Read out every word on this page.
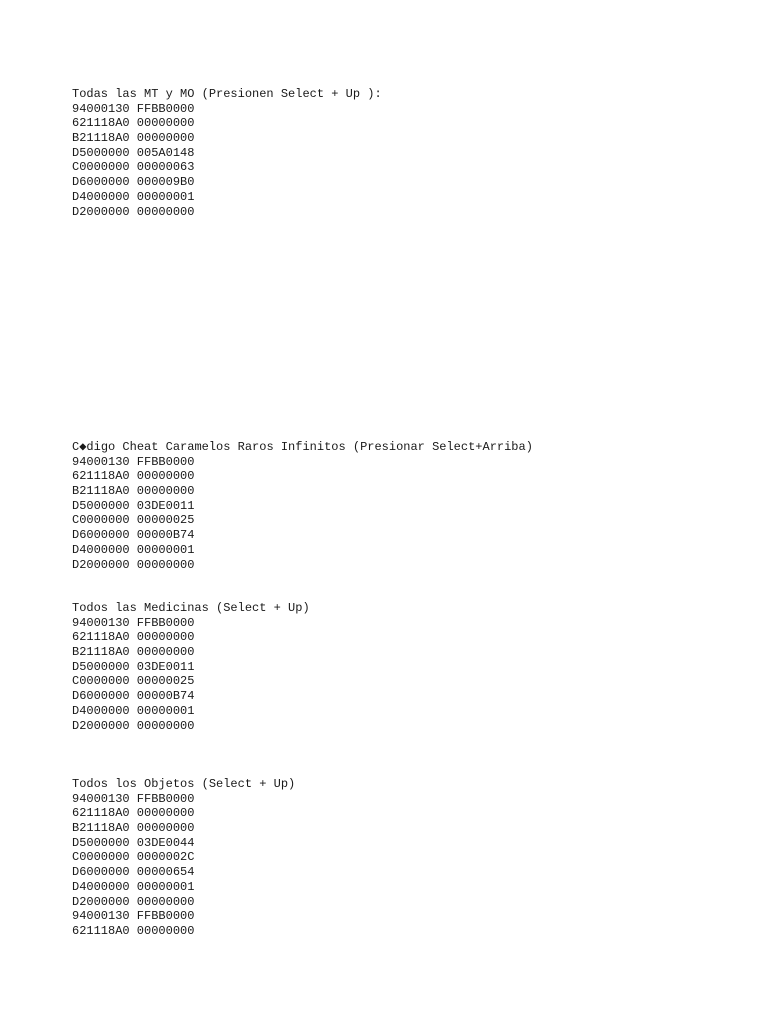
Todas las MT y MO (Presionen Select + Up ):
94000130 FFBB0000
621118A0 00000000
B21118A0 00000000
D5000000 005A0148
C0000000 00000063
D6000000 000009B0
D4000000 00000001
D2000000 00000000
C◆digo Cheat Caramelos Raros Infinitos (Presionar Select+Arriba)
94000130 FFBB0000
621118A0 00000000
B21118A0 00000000
D5000000 03DE0011
C0000000 00000025
D6000000 00000B74
D4000000 00000001
D2000000 00000000
Todos las Medicinas (Select + Up)
94000130 FFBB0000
621118A0 00000000
B21118A0 00000000
D5000000 03DE0011
C0000000 00000025
D6000000 00000B74
D4000000 00000001
D2000000 00000000
Todos los Objetos (Select + Up)
94000130 FFBB0000
621118A0 00000000
B21118A0 00000000
D5000000 03DE0044
C0000000 0000002C
D6000000 00000654
D4000000 00000001
D2000000 00000000
94000130 FFBB0000
621118A0 00000000
